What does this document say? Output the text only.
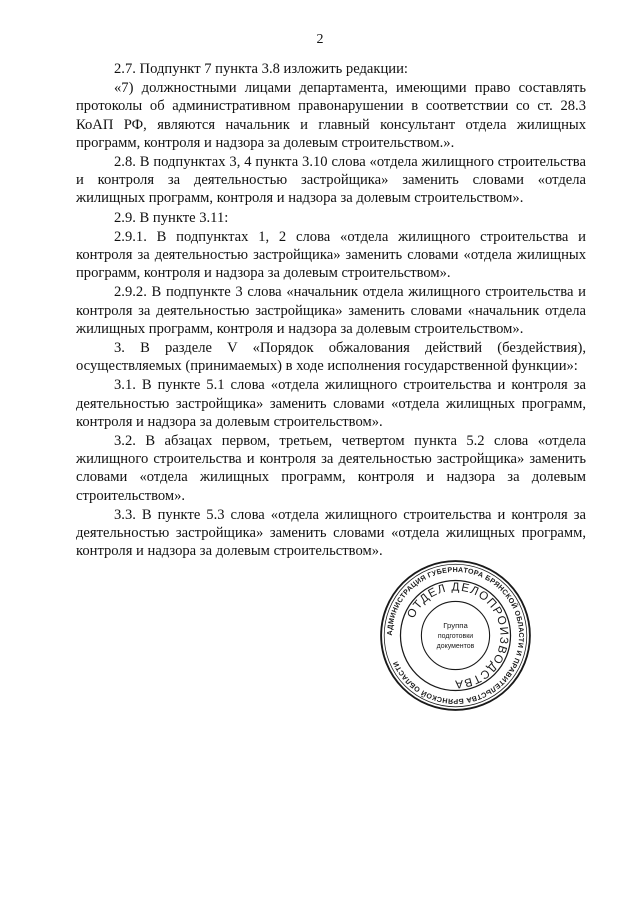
2

2.7. Подпункт 7 пункта 3.8 изложить редакции:

«7) должностными лицами департамента, имеющими право составлять протоколы об административном правонарушении в соответствии со ст. 28.3 КоАП РФ, являются начальник и главный консультант отдела жилищных программ, контроля и надзора за долевым строительством.».

2.8. В подпунктах 3, 4 пункта 3.10 слова «отдела жилищного строительства и контроля за деятельностью застройщика» заменить словами «отдела жилищных программ, контроля и надзора за долевым строительством».

2.9. В пункте 3.11:

2.9.1. В подпунктах 1, 2 слова «отдела жилищного строительства и контроля за деятельностью застройщика» заменить словами «отдела жилищных программ, контроля и надзора за долевым строительством».

2.9.2. В подпункте 3 слова «начальник отдела жилищного строительства и контроля за деятельностью застройщика» заменить словами «начальник отдела жилищных программ, контроля и надзора за долевым строительством».

3. В разделе V «Порядок обжалования действий (бездействия), осуществляемых (принимаемых) в ходе исполнения государственной функции»:

3.1. В пункте 5.1 слова «отдела жилищного строительства и контроля за деятельностью застройщика» заменить словами «отдела жилищных программ, контроля и надзора за долевым строительством».

3.2. В абзацах первом, третьем, четвертом пункта 5.2 слова «отдела жилищного строительства и контроля за деятельностью застройщика» заменить словами «отдела жилищных программ, контроля и надзора за долевым строительством».

3.3. В пункте 5.3 слова «отдела жилищного строительства и контроля за деятельностью застройщика» заменить словами «отдела жилищных программ, контроля и надзора за долевым строительством».

АДМИНИСТРАЦИЯ ГУБЕРНАТОРА БРЯНСКОЙ ОБЛАСТИ И ПРАВИТЕЛЬСТВА БРЯНСКОЙ ОБЛАСТИ
ОТДЕЛ ДЕЛОПРОИЗВОДСТВА
Группа
подготовки
документов
